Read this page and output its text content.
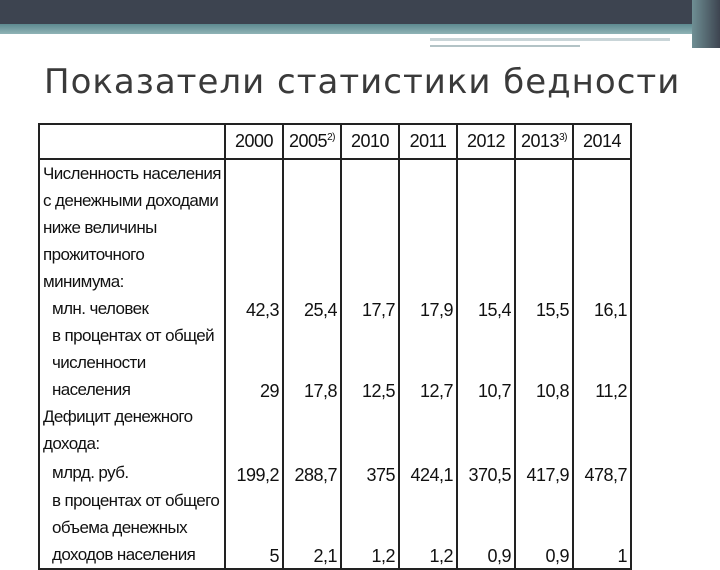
Показатели статистики бедности
	2000	2005$^{2)}$	2010	2011	2012	2013$^{3)}$	2014
Численность населения с денежными доходами ниже величины прожиточного минимума:							
млн. человек	42,3	25,4	17,7	17,9	15,4	15,5	16,1
в процентах от общей численности населения	29	17,8	12,5	12,7	10,7	10,8	11,2
Дефицит денежного дохода:							
млрд. руб.	199,2	288,7	375	424,1	370,5	417,9	478,7
в процентах от общего объема денежных доходов населения	5	2,1	1,2	1,2	0,9	0,9	1
